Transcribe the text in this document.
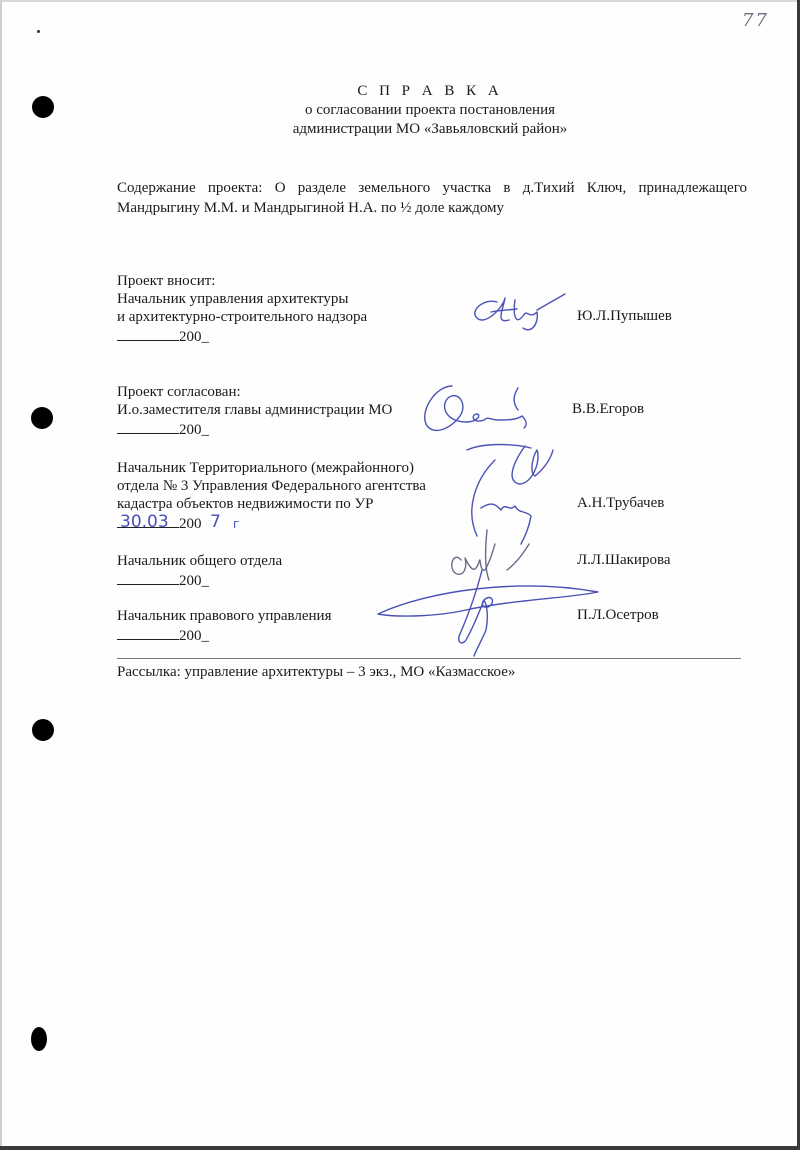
77
С П Р А В К А
о согласовании проекта постановления
администрации МО «Завьяловский район»
Содержание проекта: О разделе земельного участка в д.Тихий Ключ, принадлежащего Мандрыгину М.М. и Мандрыгиной Н.А. по ½ доле каждому
Проект вносит:
Начальник управления архитектуры
и архитектурно-строительного надзора
200_
Ю.Л.Пупышев
Проект согласован:
И.о.заместителя главы администрации МО
200_
В.В.Егоров
Начальник Территориального (межрайонного)
отдела № 3 Управления Федерального агентства
кадастра объектов недвижимости по УР
200
30.03 7 г
А.Н.Трубачев
Начальник общего отдела
200_
Л.Л.Шакирова
Начальник правового управления
200_
П.Л.Осетров
Рассылка: управление архитектуры – 3 экз., МО «Казмасское»
